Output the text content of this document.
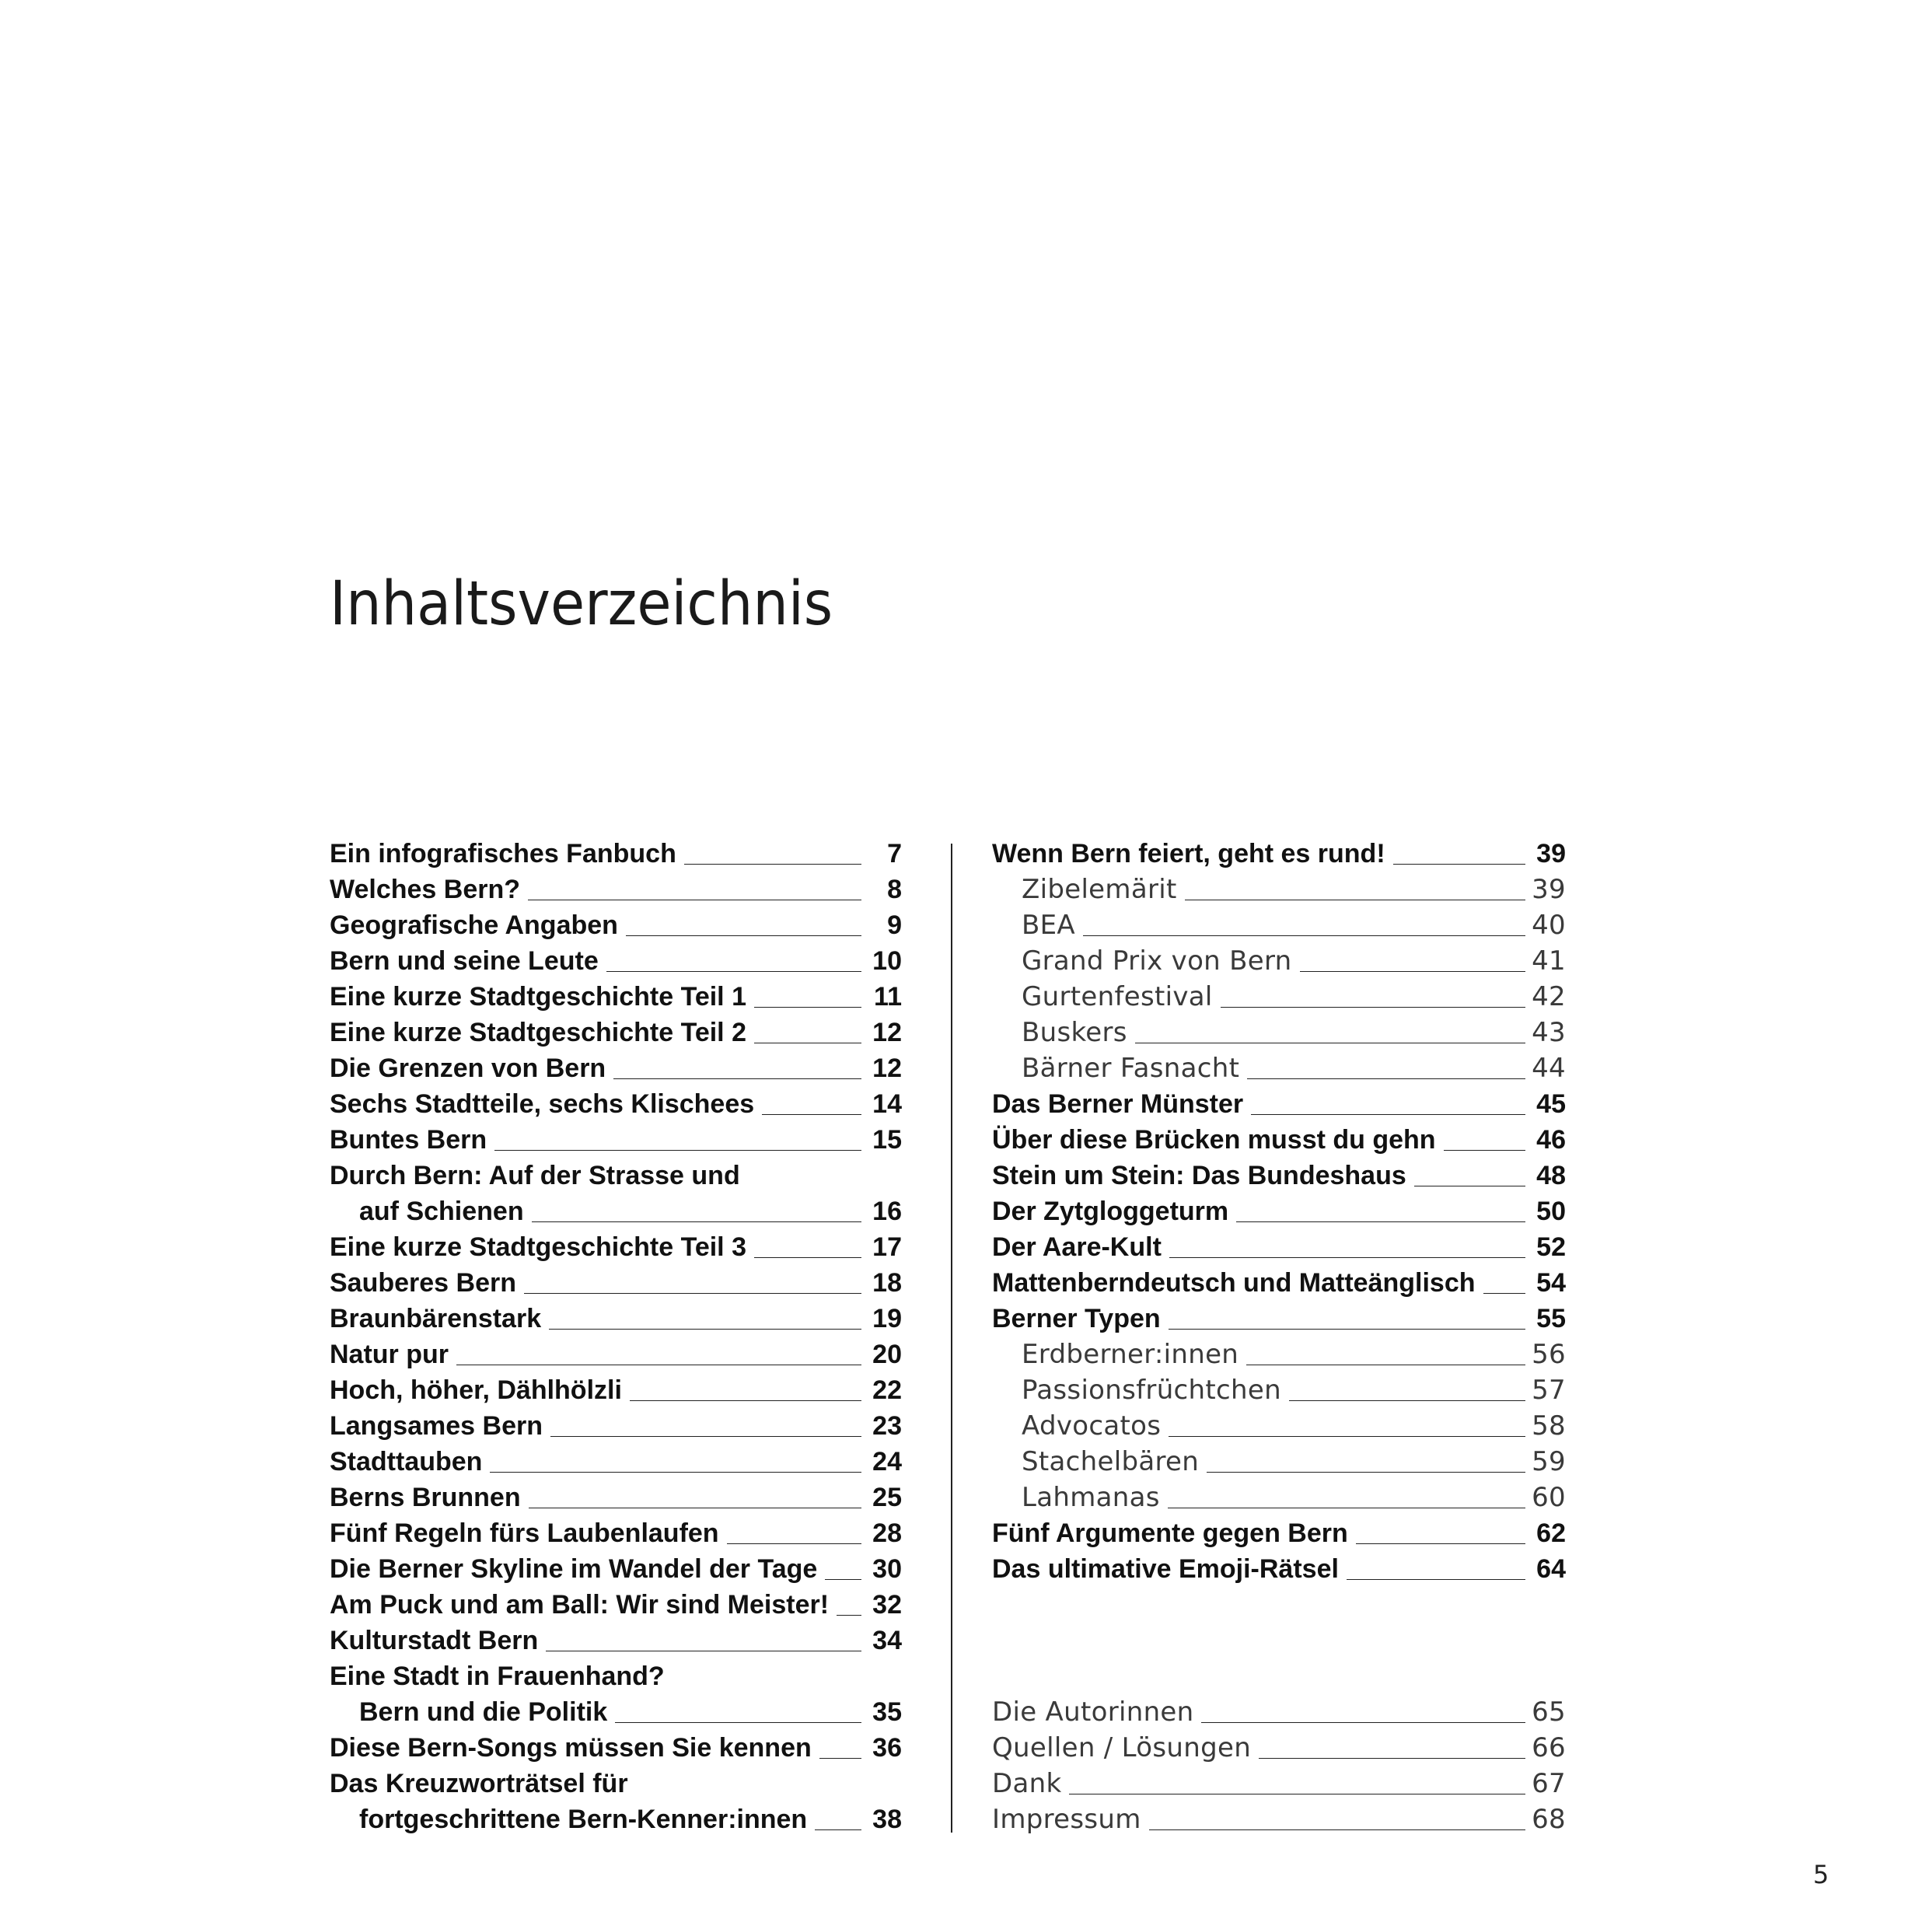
Inhaltsverzeichnis
Ein infografisches Fanbuch	7
Welches Bern?	8
Geografische Angaben	9
Bern und seine Leute	10
Eine kurze Stadtgeschichte Teil 1	11
Eine kurze Stadtgeschichte Teil 2	12
Die Grenzen von Bern	12
Sechs Stadtteile, sechs Klischees	14
Buntes Bern	15
Durch Bern: Auf der Strasse und
auf Schienen	16
Eine kurze Stadtgeschichte Teil 3	17
Sauberes Bern	18
Braunbärenstark	19
Natur pur	20
Hoch, höher, Dählhölzli	22
Langsames Bern	23
Stadttauben	24
Berns Brunnen	25
Fünf Regeln fürs Laubenlaufen	28
Die Berner Skyline im Wandel der Tage 30
Am Puck und am Ball: Wir sind Meister! 32
Kulturstadt Bern	34
Eine Stadt in Frauenhand?
Bern und die Politik	35
Diese Bern-Songs müssen Sie kennen 36
Das Kreuzworträtsel für
fortgeschrittene Bern-Kenner:innen 38
Wenn Bern feiert, geht es rund!	39
Zibelemärit	39
BEA	40
Grand Prix von Bern	41
Gurtenfestival	42
Buskers	43
Bärner Fasnacht	44
Das Berner Münster	45
Über diese Brücken musst du gehn	46
Stein um Stein: Das Bundeshaus	48
Der Zytgloggeturm	50
Der Aare-Kult	52
Mattenberndeutsch und Matteänglisch 54
Berner Typen	55
Erdberner:innen	56
Passionsfrüchtchen	57
Advocatos	58
Stachelbären	59
Lahmanas	60
Fünf Argumente gegen Bern	62
Das ultimative Emoji-Rätsel	64
Die Autorinnen	65
Quellen / Lösungen	66
Dank	67
Impressum	68
5
